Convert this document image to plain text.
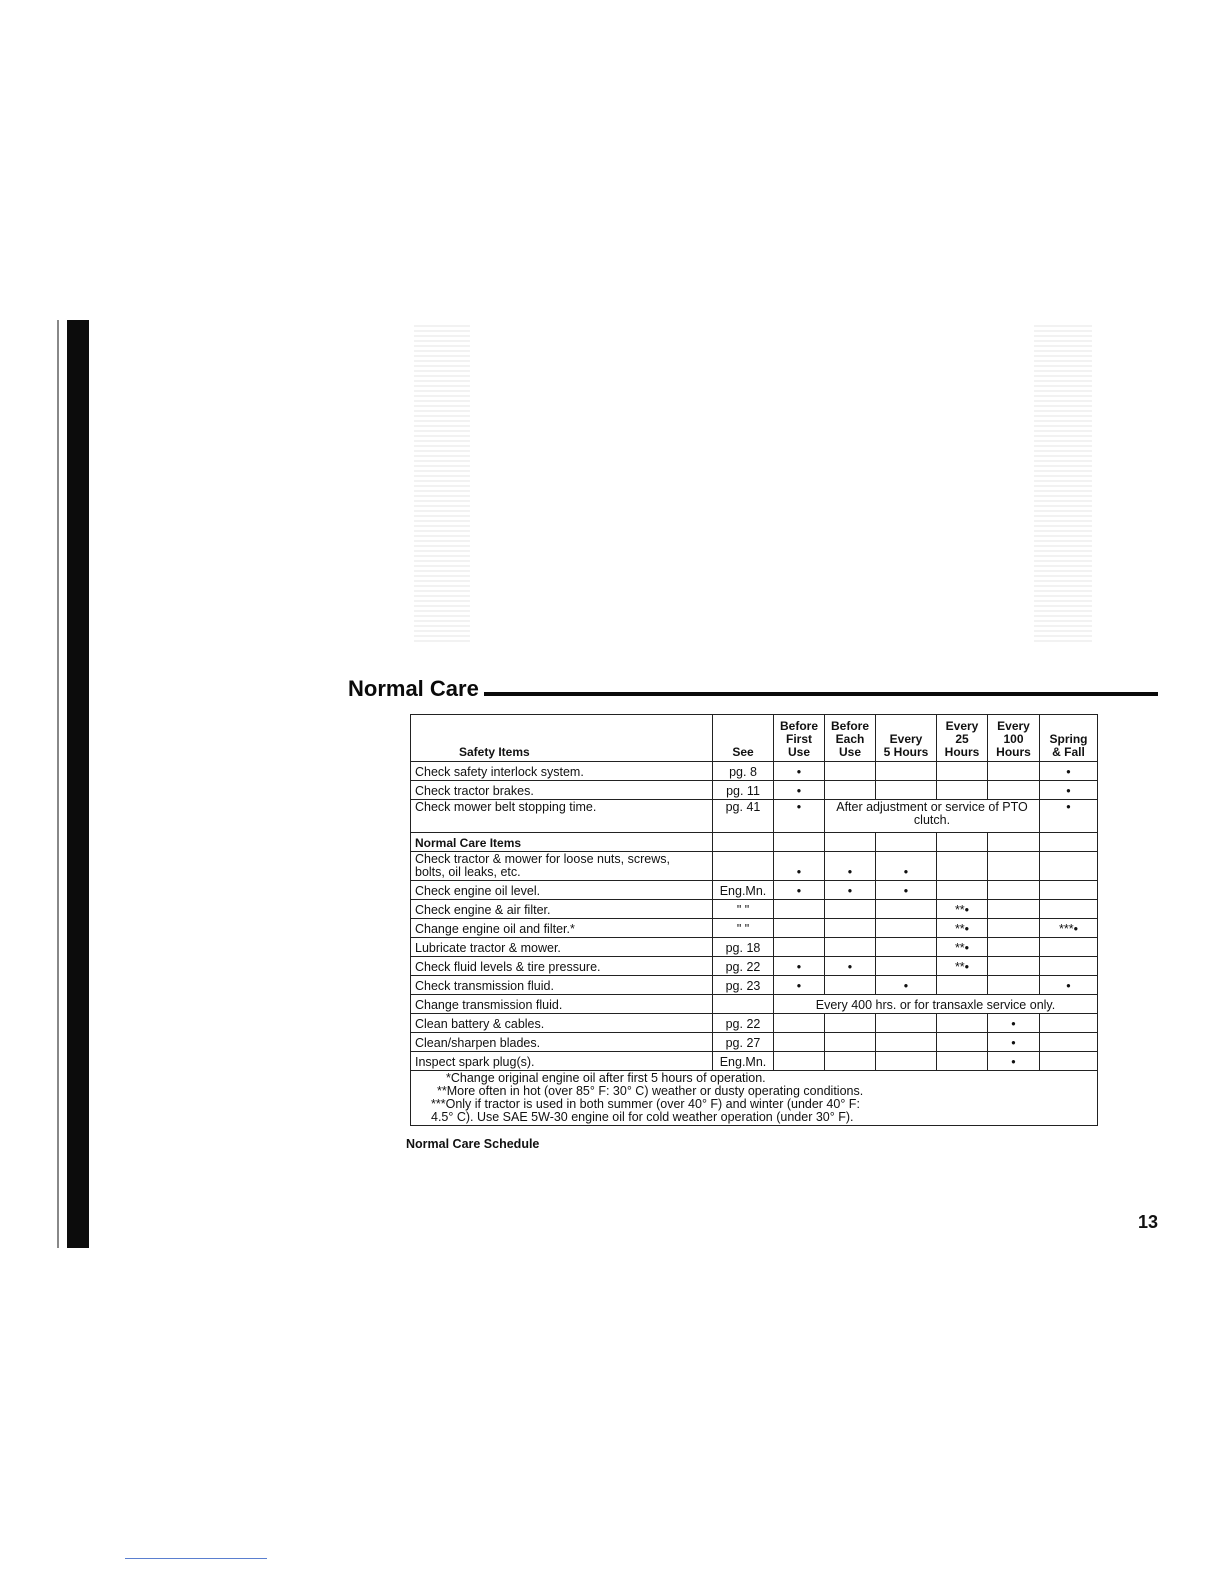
Normal Care
Safety Items	See	Before
First
Use	Before
Each
Use	Every
5 Hours	Every
25
Hours	Every
100
Hours	Spring
& Fall
Check safety interlock system.	pg. 8	•					•
Check tractor brakes.	pg. 11	•					•
Check mower belt stopping time.	pg. 41	•	After adjustment or service of PTO clutch.				•
Normal Care Items							
Check tractor & mower for loose nuts, screws,
bolts, oil leaks, etc.		•	•	•			
Check engine oil level.	Eng.Mn.	•	•	•			
Check engine & air filter.	" "				**•		
Change engine oil and filter.*	" "				**•		***•
Lubricate tractor & mower.	pg. 18				**•		
Check fluid levels & tire pressure.	pg. 22	•	•		**•		
Check transmission fluid.	pg. 23	•		•			•
Change transmission fluid.		Every 400 hrs. or for transaxle service only.					
Clean battery & cables.	pg. 22					•	
Clean/sharpen blades.	pg. 27					•	
Inspect spark plug(s).	Eng.Mn.					•	

*Change original engine oil after first 5 hours of operation.
**More often in hot (over 85° F: 30° C) weather or dusty operating conditions.
***Only if tractor is used in both summer (over 40° F) and winter (under 40° F:
4.5° C). Use SAE 5W-30 engine oil for cold weather operation (under 30° F).							
Normal Care Schedule
13
